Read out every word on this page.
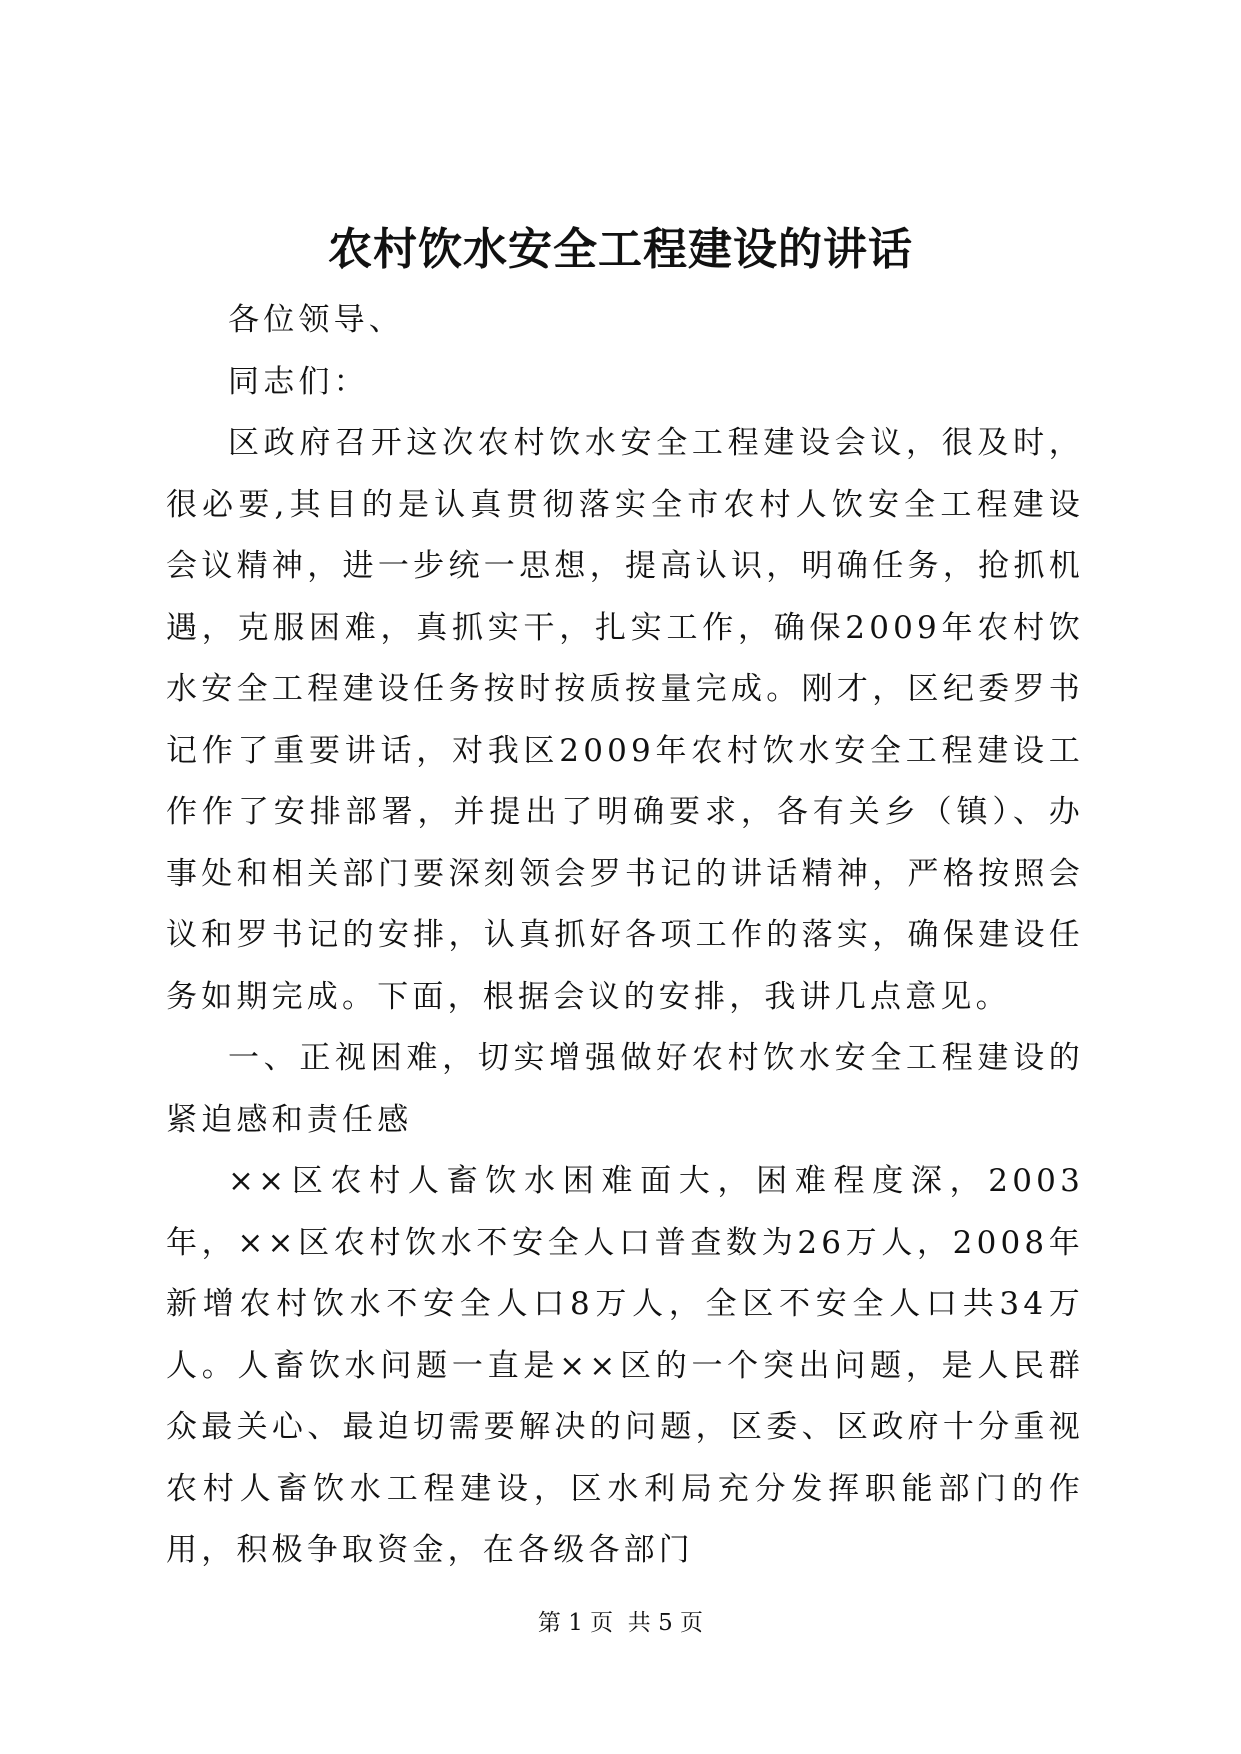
农村饮水安全工程建设的讲话

各位领导、

同志们：

区政府召开这次农村饮水安全工程建设会议，很及时，很必要,其目的是认真贯彻落实全市农村人饮安全工程建设会议精神，进一步统一思想，提高认识，明确任务，抢抓机遇，克服困难，真抓实干，扎实工作，确保2009年农村饮水安全工程建设任务按时按质按量完成。刚才，区纪委罗书记作了重要讲话，对我区2009年农村饮水安全工程建设工作作了安排部署，并提出了明确要求，各有关乡（镇）、办事处和相关部门要深刻领会罗书记的讲话精神，严格按照会议和罗书记的安排，认真抓好各项工作的落实，确保建设任务如期完成。下面，根据会议的安排，我讲几点意见。

一、正视困难，切实增强做好农村饮水安全工程建设的紧迫感和责任感

××区农村人畜饮水困难面大，困难程度深，2003年，××区农村饮水不安全人口普查数为26万人，2008年新增农村饮水不安全人口8万人，全区不安全人口共34万人。人畜饮水问题一直是××区的一个突出问题，是人民群众最关心、最迫切需要解决的问题，区委、区政府十分重视农村人畜饮水工程建设，区水利局充分发挥职能部门的作用，积极争取资金，在各级各部门

第 1 页  共 5 页
